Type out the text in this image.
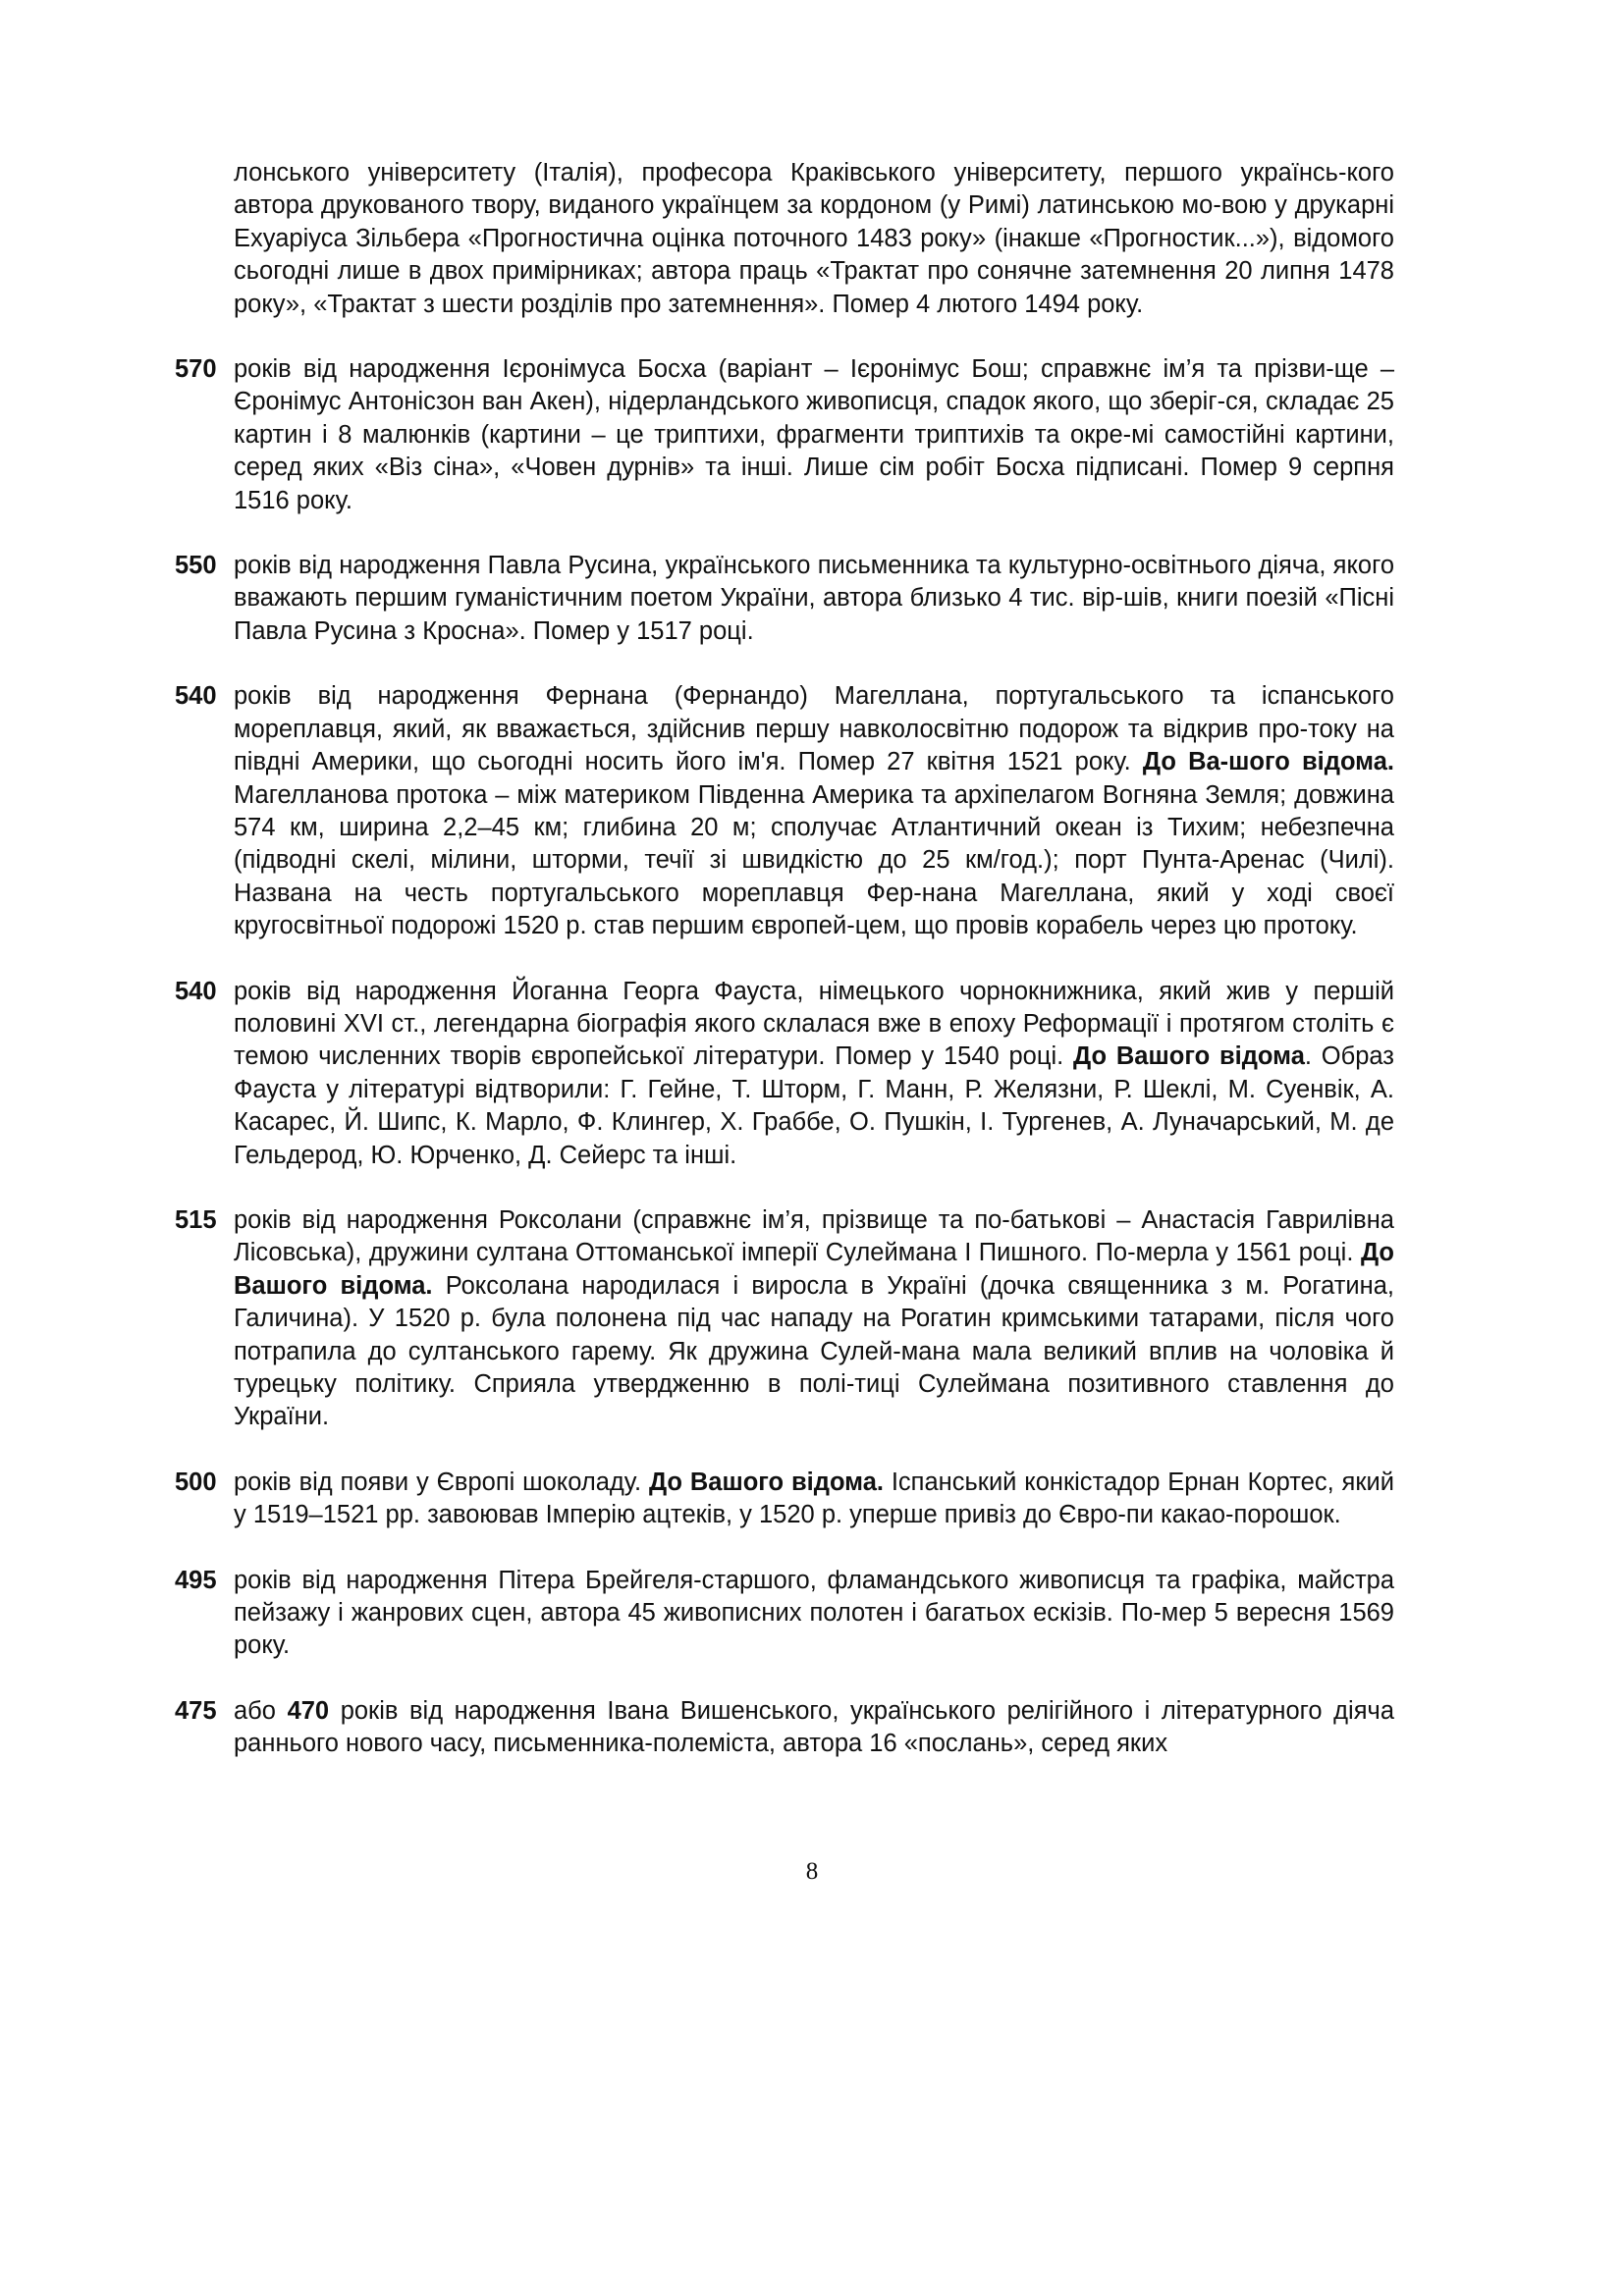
лонського університету (Італія), професора Краківського університету, першого українсь-кого автора друкованого твору, виданого українцем за кордоном (у Римі) латинською мо-вою у друкарні Ехуаріуса Зільбера «Прогностична оцінка поточного 1483 року» (інакше «Прогностик...»), відомого сьогодні лише в двох примірниках; автора праць «Трактат про сонячне затемнення 20 липня 1478 року», «Трактат з шести розділів про затемнення». Помер 4 лютого 1494 року.

570 років від народження Ієронімуса Босха (варіант – Ієронімус Бош; справжнє ім’я та прізви-ще – Єронімус Антонісзон ван Акен), нідерландського живописця, спадок якого, що зберіг-ся, складає 25 картин і 8 малюнків (картини – це триптихи, фрагменти триптихів та окре-мі самостійні картини, серед яких «Віз сіна», «Човен дурнів» та інші. Лише сім робіт Босха підписані. Помер 9 серпня 1516 року.

550 років від народження Павла Русина, українського письменника та культурно-освітнього діяча, якого вважають першим гуманістичним поетом України, автора близько 4 тис. вір-шів, книги поезій «Пісні Павла Русина з Кросна». Помер у 1517 році.

540 років від народження Фернана (Фернандо) Магеллана, португальського та іспанського мореплавця, який, як вважається, здійснив першу навколосвітню подорож та відкрив про-току на півдні Америки, що сьогодні носить його ім'я. Помер 27 квітня 1521 року. До Ва-шого відома. Магелланова протока – між материком Південна Америка та архіпелагом Вогняна Земля; довжина 574 км, ширина 2,2–45 км; глибина 20 м; сполучає Атлантичний океан із Тихим; небезпечна (підводні скелі, мілини, шторми, течії зі швидкістю до 25 км/год.); порт Пунта-Аренас (Чилі). Названа на честь португальського мореплавця Фер-нана Магеллана, який у ході своєї кругосвітньої подорожі 1520 р. став першим європей-цем, що провів корабель через цю протоку.

540 років від народження Йоганна Георга Фауста, німецького чорнокнижника, який жив у першій половині XVI ст., легендарна біографія якого склалася вже в епоху Реформації і протягом століть є темою численних творів європейської літератури. Помер у 1540 році. До Вашого відома. Образ Фауста у літературі відтворили: Г. Гейне, Т. Шторм, Г. Манн, Р. Желязни, Р. Шеклі, М. Суенвік, А. Касарес, Й. Шипс, К. Марло, Ф. Клингер, Х. Граббе, О. Пушкін, І. Тургенев, А. Луначарський, М. де Гельдерод, Ю. Юрченко, Д. Сейерс та інші.

515 років від народження Роксолани (справжнє ім’я, прізвище та по-батькові – Анастасія Гаврилівна Лісовська), дружини султана Оттоманської імперії Сулеймана І Пишного. По-мерла у 1561 році. До Вашого відома. Роксолана народилася і виросла в Україні (дочка священника з м. Рогатина, Галичина). У 1520 р. була полонена під час нападу на Рогатин кримськими татарами, після чого потрапила до султанського гарему. Як дружина Сулей-мана мала великий вплив на чоловіка й турецьку політику. Сприяла утвердженню в полі-тиці Сулеймана позитивного ставлення до України.

500 років від появи у Європі шоколаду. До Вашого відома. Іспанський конкістадор Ернан Кортес, який у 1519–1521 рр. завоював Імперію ацтеків, у 1520 р. уперше привіз до Євро-пи какао-порошок.

495 років від народження Пітера Брейгеля-старшого, фламандського живописця та графіка, майстра пейзажу і жанрових сцен, автора 45 живописних полотен і багатьох ескізів. По-мер 5 вересня 1569 року.

475 або 470 років від народження Івана Вишенського, українського релігійного і літературного діяча раннього нового часу, письменника-полеміста, автора 16 «послань», серед яких

8
